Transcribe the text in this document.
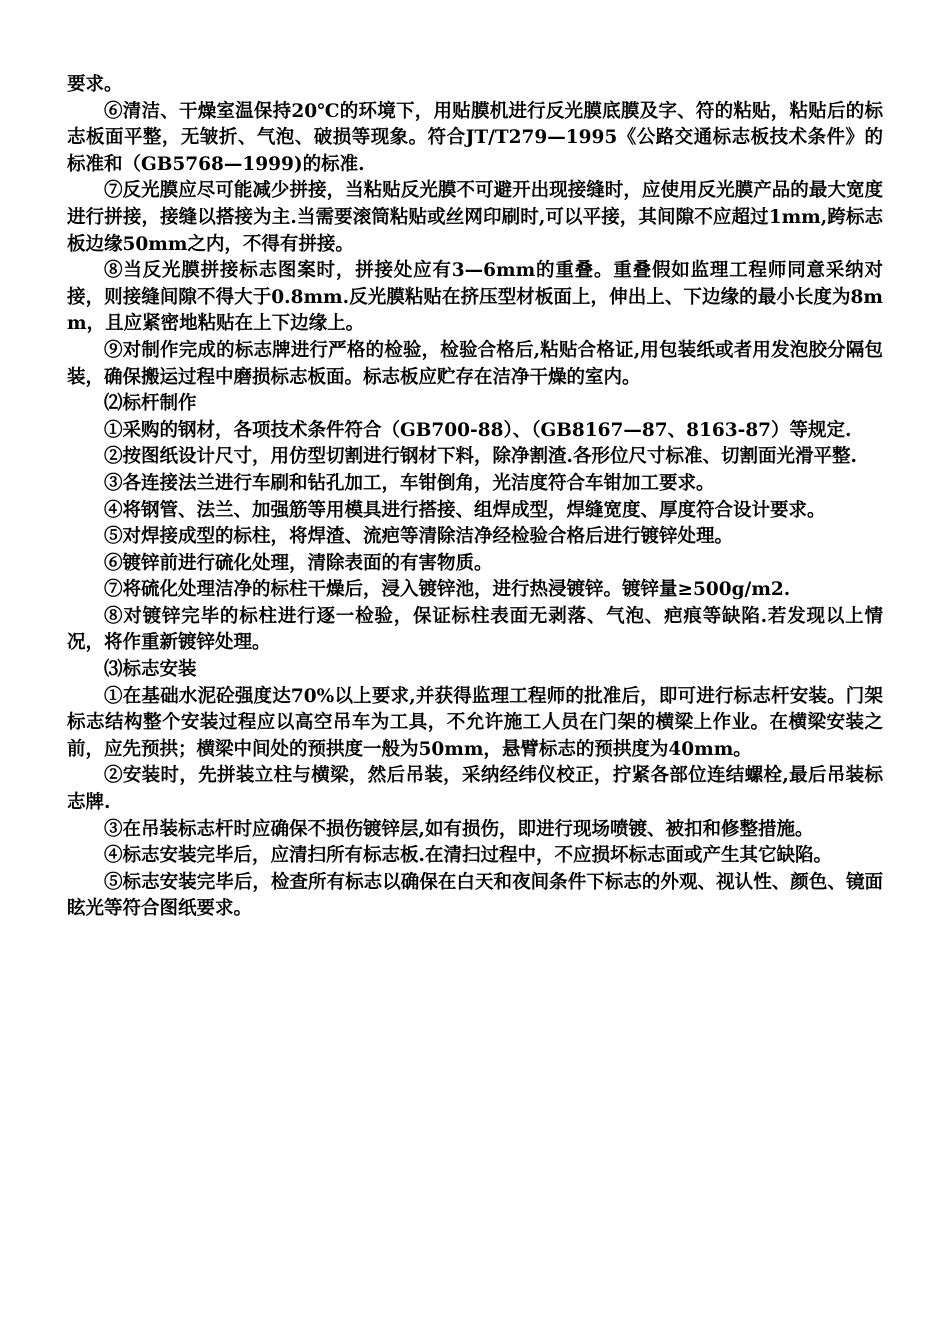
要求。

⑥清洁、干燥室温保持20℃的环境下，用贴膜机进行反光膜底膜及字、符的粘贴，粘贴后的标志板面平整，无皱折、气泡、破损等现象。符合JT/T279—1995《公路交通标志板技术条件》的标准和（GB5768—1999)的标准.

⑦反光膜应尽可能减少拼接，当粘贴反光膜不可避开出现接缝时，应使用反光膜产品的最大宽度进行拼接，接缝以搭接为主.当需要滚筒粘贴或丝网印刷时,可以平接，其间隙不应超过1mm,跨标志板边缘50mm之内，不得有拼接。

⑧当反光膜拼接标志图案时，拼接处应有3—6mm的重叠。重叠假如监理工程师同意采纳对接，则接缝间隙不得大于0.8mm.反光膜粘贴在挤压型材板面上，伸出上、下边缘的最小长度为8mm，且应紧密地粘贴在上下边缘上。

⑨对制作完成的标志牌进行严格的检验，检验合格后,粘贴合格证,用包装纸或者用发泡胶分隔包装，确保搬运过程中磨损标志板面。标志板应贮存在洁净干燥的室内。

⑵标杆制作

①采购的钢材，各项技术条件符合（GB700-88）、（GB8167—87、8163-87）等规定.

②按图纸设计尺寸，用仿型切割进行钢材下料，除净割渣.各形位尺寸标准、切割面光滑平整.

③各连接法兰进行车刷和钻孔加工，车钳倒角，光洁度符合车钳加工要求。

④将钢管、法兰、加强筋等用模具进行搭接、组焊成型，焊缝宽度、厚度符合设计要求。

⑤对焊接成型的标柱，将焊渣、流疤等清除洁净经检验合格后进行镀锌处理。

⑥镀锌前进行硫化处理，清除表面的有害物质。

⑦将硫化处理洁净的标柱干燥后，浸入镀锌池，进行热浸镀锌。镀锌量≥500g/m2.

⑧对镀锌完毕的标柱进行逐一检验，保证标柱表面无剥落、气泡、疤痕等缺陷.若发现以上情况，将作重新镀锌处理。

⑶标志安装

①在基础水泥砼强度达70%以上要求,并获得监理工程师的批准后，即可进行标志杆安装。门架标志结构整个安装过程应以高空吊车为工具，不允许施工人员在门架的横梁上作业。在横梁安装之前，应先预拱；横梁中间处的预拱度一般为50mm，悬臂标志的预拱度为40mm。

②安装时，先拼装立柱与横梁，然后吊装，采纳经纬仪校正，拧紧各部位连结螺栓,最后吊装标志牌.

③在吊装标志杆时应确保不损伤镀锌层,如有损伤，即进行现场喷镀、被扣和修整措施。

④标志安装完毕后，应清扫所有标志板.在清扫过程中，不应损坏标志面或产生其它缺陷。

⑤标志安装完毕后，检查所有标志以确保在白天和夜间条件下标志的外观、视认性、颜色、镜面眩光等符合图纸要求。
